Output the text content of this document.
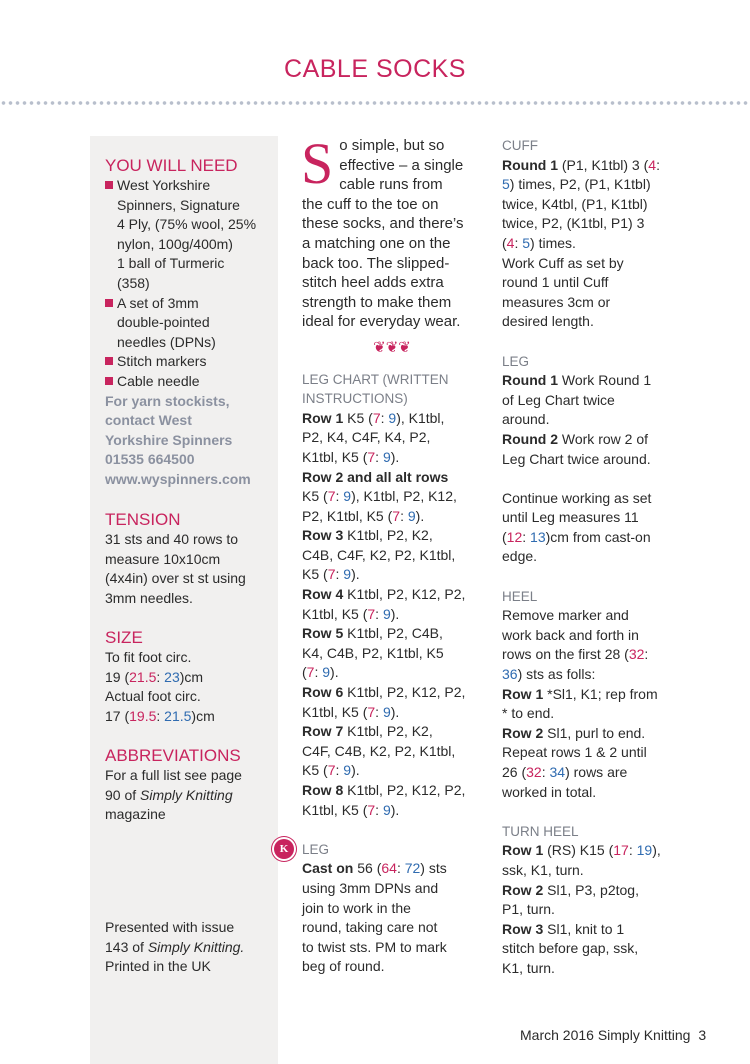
CABLE SOCKS
YOU WILL NEED
West Yorkshire
Spinners, Signature
4 Ply, (75% wool, 25%
nylon, 100g/400m)
1 ball of Turmeric
(358)
A set of 3mm
double-pointed
needles (DPNs)
Stitch markers
Cable needle
For yarn stockists,
contact West
Yorkshire Spinners
01535 664500
www.wyspinners.com
TENSION
31 sts and 40 rows to
measure 10x10cm
(4x4in) over st st using
3mm needles.
SIZE
To fit foot circ.
19 (21.5: 23)cm
Actual foot circ.
17 (19.5: 21.5)cm
ABBREVIATIONS
For a full list see page
90 of Simply Knitting
magazine
Presented with issue
143 of Simply Knitting.
Printed in the UK
S o simple, but so
effective – a single
cable runs from
the cuff to the toe on
these socks, and there’s
a matching one on the
back too. The slipped-
stitch heel adds extra
strength to make them
ideal for everyday wear.
❦❦❦
LEG CHART (WRITTEN
INSTRUCTIONS)
Row 1 K5 (7: 9), K1tbl,
P2, K4, C4F, K4, P2,
K1tbl, K5 (7: 9).
Row 2 and all alt rows
K5 (7: 9), K1tbl, P2, K12,
P2, K1tbl, K5 (7: 9).
Row 3 K1tbl, P2, K2,
C4B, C4F, K2, P2, K1tbl,
K5 (7: 9).
Row 4 K1tbl, P2, K12, P2,
K1tbl, K5 (7: 9).
Row 5 K1tbl, P2, C4B,
K4, C4B, P2, K1tbl, K5
(7: 9).
Row 6 K1tbl, P2, K12, P2,
K1tbl, K5 (7: 9).
Row 7 K1tbl, P2, K2,
C4F, C4B, K2, P2, K1tbl,
K5 (7: 9).
Row 8 K1tbl, P2, K12, P2,
K1tbl, K5 (7: 9).
K	LEG
Cast on 56 (64: 72) sts
using 3mm DPNs and
join to work in the
round, taking care not
to twist sts. PM to mark
beg of round.
CUFF
Round 1 (P1, K1tbl) 3 (4:
5) times, P2, (P1, K1tbl)
twice, K4tbl, (P1, K1tbl)
twice, P2, (K1tbl, P1) 3
(4: 5) times.
Work Cuff as set by
round 1 until Cuff
measures 3cm or
desired length.
LEG
Round 1 Work Round 1
of Leg Chart twice
around.
Round 2 Work row 2 of
Leg Chart twice around.
Continue working as set
until Leg measures 11
(12: 13)cm from cast-on
edge.
HEEL
Remove marker and
work back and forth in
rows on the first 28 (32:
36) sts as folls:
Row 1 *Sl1, K1; rep from
* to end.
Row 2 Sl1, purl to end.
Repeat rows 1 & 2 until
26 (32: 34) rows are
worked in total.
TURN HEEL
Row 1 (RS) K15 (17: 19),
ssk, K1, turn.
Row 2 Sl1, P3, p2tog,
P1, turn.
Row 3 Sl1, knit to 1
stitch before gap, ssk,
K1, turn.
March 2016 Simply Knitting 3
